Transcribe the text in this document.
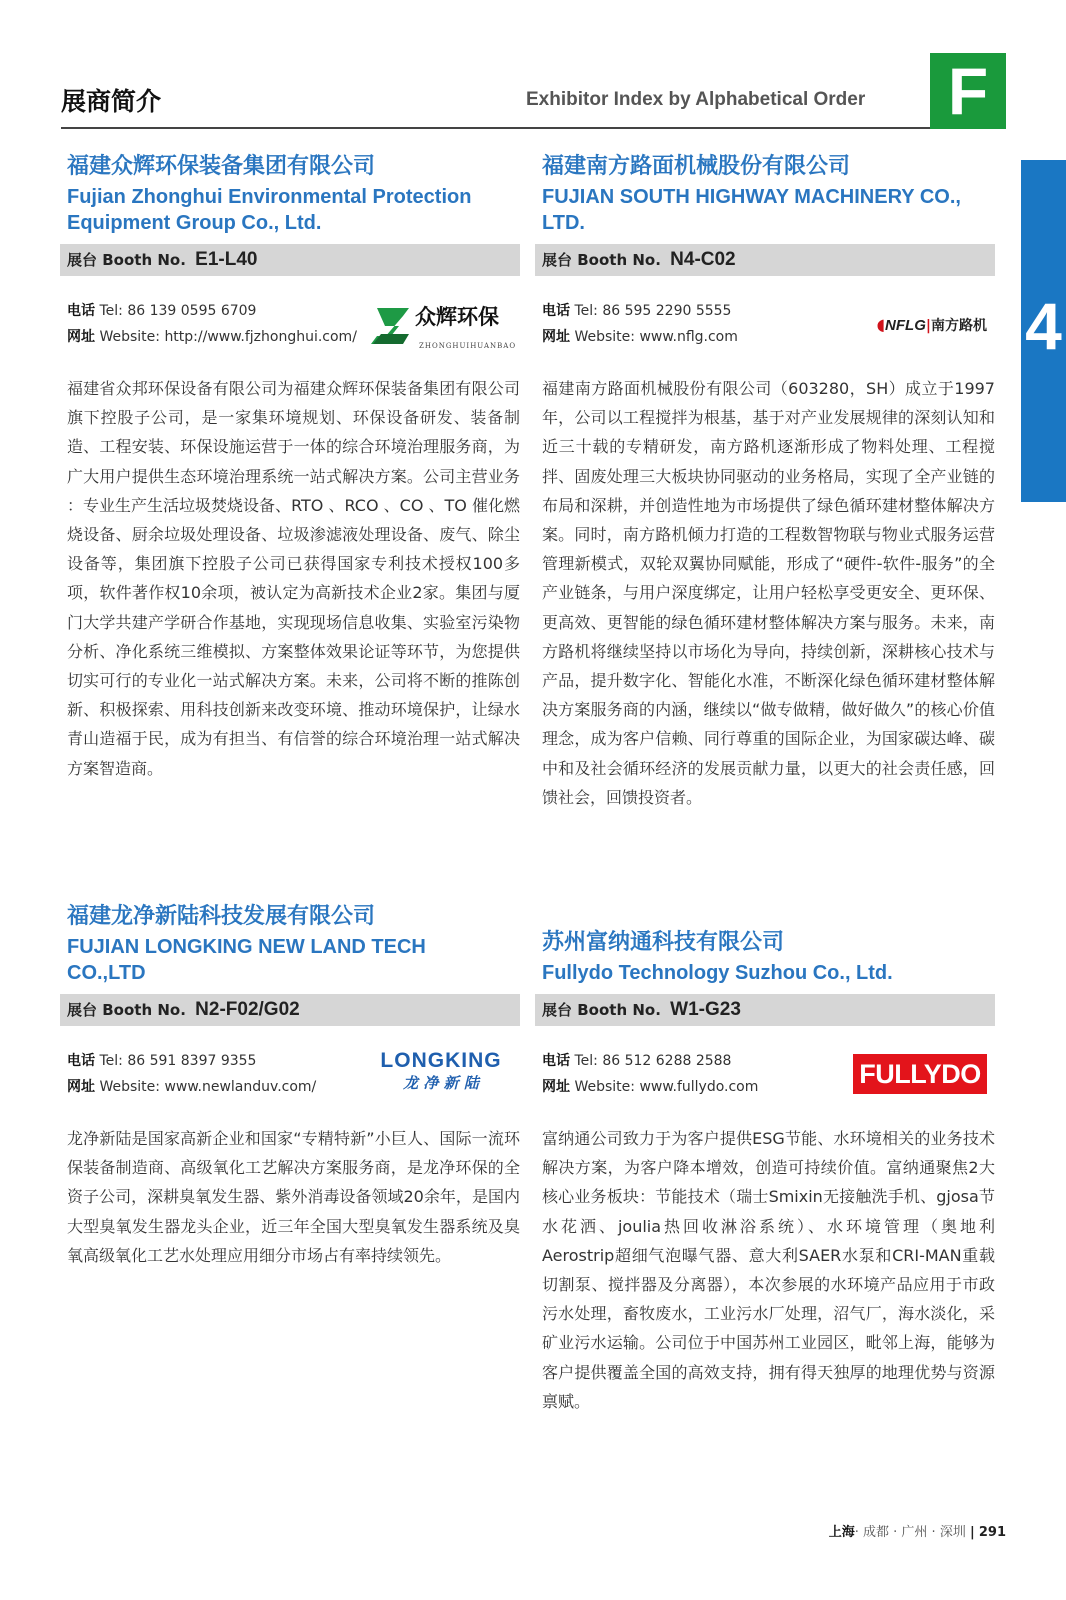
展商简介	Exhibitor Index by Alphabetical Order F
4
福建众辉环保装备集团有限公司
Fujian Zhonghui Environmental Protection Equipment Group Co., Ltd.
展台 Booth No. E1-L40
电话 Tel: 86 139 0595 6709
网址 Website: http://www.fjzhonghui.com/
众辉环保
ZHONGHUIHUANBAO
福建省众邦环保设备有限公司为福建众辉环保装备集团有限公司旗下控股子公司，是一家集环境规划、环保设备研发、装备制造、工程安装、环保设施运营于一体的综合环境治理服务商，为广大用户提供生态环境治理系统一站式解决方案。公司主营业务 ：专业生产生活垃圾焚烧设备、RTO 、RCO 、CO 、TO 催化燃烧设备、厨余垃圾处理设备、垃圾渗滤液处理设备、废气、除尘设备等，集团旗下控股子公司已获得国家专利技术授权100多项，软件著作权10余项，被认定为高新技术企业2家。集团与厦门大学共建产学研合作基地，实现现场信息收集、实验室污染物分析、净化系统三维模拟、方案整体效果论证等环节，为您提供切实可行的专业化一站式解决方案。未来，公司将不断的推陈创新、积极探索、用科技创新来改变环境、推动环境保护，让绿水青山造福于民，成为有担当、有信誉的综合环境治理一站式解决方案智造商。
福建南方路面机械股份有限公司
FUJIAN SOUTH HIGHWAY MACHINERY CO., LTD.
展台 Booth No. N4-C02
电话 Tel: 86 595 2290 5555
网址 Website: www.nflg.com
◖NFLG|南方路机
福建南方路面机械股份有限公司（603280，SH）成立于1997年，公司以工程搅拌为根基，基于对产业发展规律的深刻认知和近三十载的专精研发，南方路机逐渐形成了物料处理、工程搅拌、固废处理三大板块协同驱动的业务格局，实现了全产业链的布局和深耕，并创造性地为市场提供了绿色循环建材整体解决方案。同时，南方路机倾力打造的工程数智物联与物业式服务运营管理新模式，双轮双翼协同赋能，形成了“硬件-软件-服务”的全产业链条，与用户深度绑定，让用户轻松享受更安全、更环保、更高效、更智能的绿色循环建材整体解决方案与服务。未来，南方路机将继续坚持以市场化为导向，持续创新，深耕核心技术与产品，提升数字化、智能化水准，不断深化绿色循环建材整体解决方案服务商的内涵，继续以“做专做精，做好做久”的核心价值理念，成为客户信赖、同行尊重的国际企业，为国家碳达峰、碳中和及社会循环经济的发展贡献力量，以更大的社会责任感，回馈社会，回馈投资者。
福建龙净新陆科技发展有限公司
FUJIAN LONGKING NEW LAND TECH CO.,LTD
展台 Booth No. N2-F02/G02
电话 Tel: 86 591 8397 9355
网址 Website: www.newlanduv.com/
LONGKING
龙 净 新 陆
龙净新陆是国家高新企业和国家“专精特新”小巨人、国际一流环保装备制造商、高级氧化工艺解决方案服务商，是龙净环保的全资子公司，深耕臭氧发生器、紫外消毒设备领域20余年，是国内大型臭氧发生器龙头企业，近三年全国大型臭氧发生器系统及臭氧高级氧化工艺水处理应用细分市场占有率持续领先。
苏州富纳通科技有限公司
Fullydo Technology Suzhou Co., Ltd.
展台 Booth No. W1-G23
电话 Tel: 86 512 6288 2588
网址 Website: www.fullydo.com	FULLYDO
富纳通公司致力于为客户提供ESG节能、水环境相关的业务技术解决方案，为客户降本增效，创造可持续价值。富纳通聚焦2大核心业务板块：节能技术（瑞士Smixin无接触洗手机、gjosa节水花洒、joulia热回收淋浴系统）、水环境管理（奥地利Aerostrip超细气泡曝气器、意大利SAER水泵和CRI-MAN重载切割泵、搅拌器及分离器），本次参展的水环境产品应用于市政污水处理，畜牧废水，工业污水厂处理，沼气厂，海水淡化，采矿业污水运输。公司位于中国苏州工业园区，毗邻上海，能够为客户提供覆盖全国的高效支持，拥有得天独厚的地理优势与资源禀赋。
上海· 成都 · 广州 · 深圳 | 291
